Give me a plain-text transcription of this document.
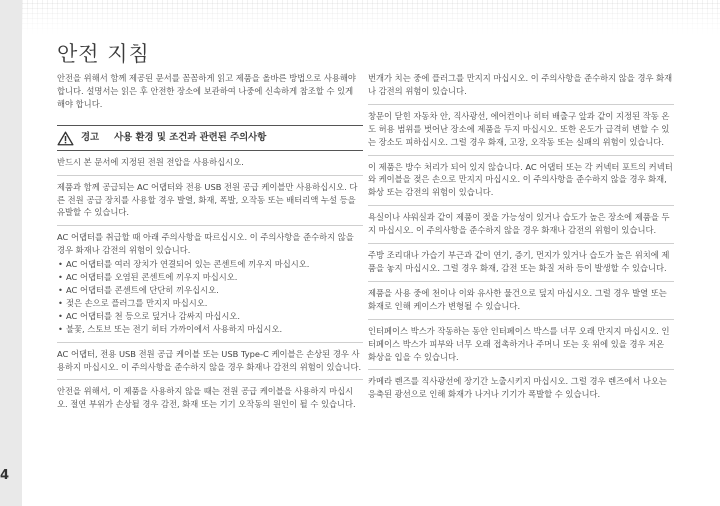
안전 지침

안전을 위해서 함께 제공된 문서를 꼼꼼하게 읽고 제품을 올바른 방법으로 사용해야 합니다. 설명서는 읽은 후 안전한 장소에 보관하여 나중에 신속하게 참조할 수 있게 해야 합니다.

경고 사용 환경 및 조건과 관련된 주의사항

반드시 본 문서에 지정된 전원 전압을 사용하십시오.

제품과 함께 공급되는 AC 어댑터와 전용 USB 전원 공급 케이블만 사용하십시오. 다른 전원 공급 장치를 사용할 경우 발열, 화재, 폭발, 오작동 또는 배터리액 누설 등을 유발할 수 있습니다.

AC 어댑터를 취급할 때 아래 주의사항을 따르십시오. 이 주의사항을 준수하지 않을 경우 화재나 감전의 위험이 있습니다.

• AC 어댑터를 여러 장치가 연결되어 있는 콘센트에 끼우지 마십시오.
• AC 어댑터를 오염된 콘센트에 끼우지 마십시오.
• AC 어댑터를 콘센트에 단단히 끼우십시오.
• 젖은 손으로 플러그를 만지지 마십시오.
• AC 어댑터를 천 등으로 덮거나 감싸지 마십시오.
• 불꽃, 스토브 또는 전기 히터 가까이에서 사용하지 마십시오.

AC 어댑터, 전용 USB 전원 공급 케이블 또는 USB Type-C 케이블은 손상된 경우 사용하지 마십시오. 이 주의사항을 준수하지 않을 경우 화재나 감전의 위험이 있습니다.

안전을 위해서, 이 제품을 사용하지 않을 때는 전원 공급 케이블을 사용하지 마십시오. 절연 부위가 손상될 경우 감전, 화재 또는 기기 오작동의 원인이 될 수 있습니다.

번개가 치는 중에 플러그를 만지지 마십시오. 이 주의사항을 준수하지 않을 경우 화재나 감전의 위험이 있습니다.

창문이 닫힌 자동차 안, 직사광선, 에어컨이나 히터 배출구 앞과 같이 지정된 작동 온도 허용 범위를 벗어난 장소에 제품을 두지 마십시오. 또한 온도가 급격히 변할 수 있는 장소도 피하십시오. 그럴 경우 화재, 고장, 오작동 또는 실패의 위험이 있습니다.

이 제품은 방수 처리가 되어 있지 않습니다. AC 어댑터 또는 각 커넥터 포트의 커넥터와 케이블을 젖은 손으로 만지지 마십시오. 이 주의사항을 준수하지 않을 경우 화재, 화상 또는 감전의 위험이 있습니다.

욕실이나 샤워실과 같이 제품이 젖을 가능성이 있거나 습도가 높은 장소에 제품을 두지 마십시오. 이 주의사항을 준수하지 않을 경우 화재나 감전의 위험이 있습니다.

주방 조리대나 가습기 부근과 같이 연기, 증기, 먼지가 있거나 습도가 높은 위치에 제품을 놓지 마십시오. 그럴 경우 화재, 감전 또는 화질 저하 등이 발생할 수 있습니다.

제품을 사용 중에 천이나 이와 유사한 물건으로 덮지 마십시오. 그럴 경우 발열 또는 화재로 인해 케이스가 변형될 수 있습니다.

인터페이스 박스가 작동하는 동안 인터페이스 박스를 너무 오래 만지지 마십시오. 인터페이스 박스가 피부와 너무 오래 접촉하거나 주머니 또는 옷 위에 있을 경우 저온 화상을 입을 수 있습니다.

카메라 렌즈를 직사광선에 장기간 노출시키지 마십시오. 그럴 경우 렌즈에서 나오는 응축된 광선으로 인해 화재가 나거나 기기가 폭발할 수 있습니다.

4
